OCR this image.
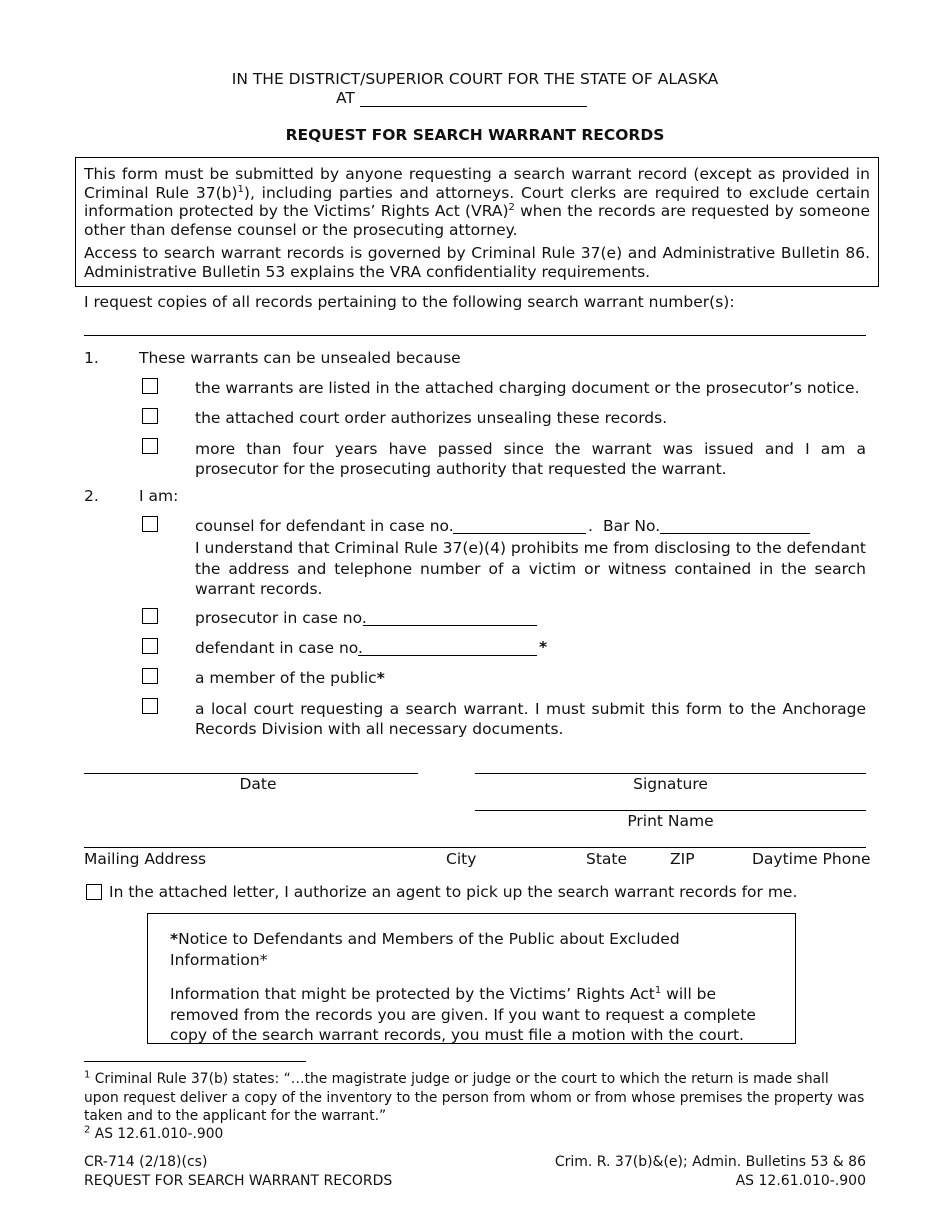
IN THE DISTRICT/SUPERIOR COURT FOR THE STATE OF ALASKA
AT
REQUEST FOR SEARCH WARRANT RECORDS
This form must be submitted by anyone requesting a search warrant record (except as provided in Criminal Rule $37(b)^1$), including parties and attorneys. Court clerks are required to exclude certain information protected by the Victims’ Rights Act (VRA)$^2$ when the records are requested by someone other than defense counsel or the prosecuting attorney.
Access to search warrant records is governed by Criminal Rule 37(e) and Administrative Bulletin 86. Administrative Bulletin 53 explains the VRA confidentiality requirements.
I request copies of all records pertaining to the following search warrant number(s):
1.	These warrants can be unsealed because
the warrants are listed in the attached charging document or the prosecutor’s notice.
the attached court order authorizes unsealing these records.
more than four years have passed since the warrant was issued and I am a prosecutor for the prosecuting authority that requested the warrant.
2.	I am:
counsel for defendant in case no.	. Bar No.
I understand that Criminal Rule 37(e)(4) prohibits me from disclosing to the defendant the address and telephone number of a victim or witness contained in the search warrant records.
prosecutor in case no.
defendant in case no.	*
a member of the public*
a local court requesting a search warrant. I must submit this form to the Anchorage Records Division with all necessary documents.
Date	Signature
Print Name
Mailing Address	City	State	ZIP	Daytime Phone
In the attached letter, I authorize an agent to pick up the search warrant records for me.
*Notice to Defendants and Members of the Public about Excluded Information*
Information that might be protected by the Victims’ Rights Act$^1$ will be removed from the records you are given. If you want to request a complete copy of the search warrant records, you must file a motion with the court.
$^1$ Criminal Rule 37(b) states: “…the magistrate judge or judge or the court to which the return is made shall upon request deliver a copy of the inventory to the person from whom or from whose premises the property was taken and to the applicant for the warrant.”
$^2$ AS 12.61.010-.900
CR-714 (2/18)(cs)
REQUEST FOR SEARCH WARRANT RECORDS
Crim. R. 37(b)&(e); Admin. Bulletins 53 & 86
AS 12.61.010-.900
